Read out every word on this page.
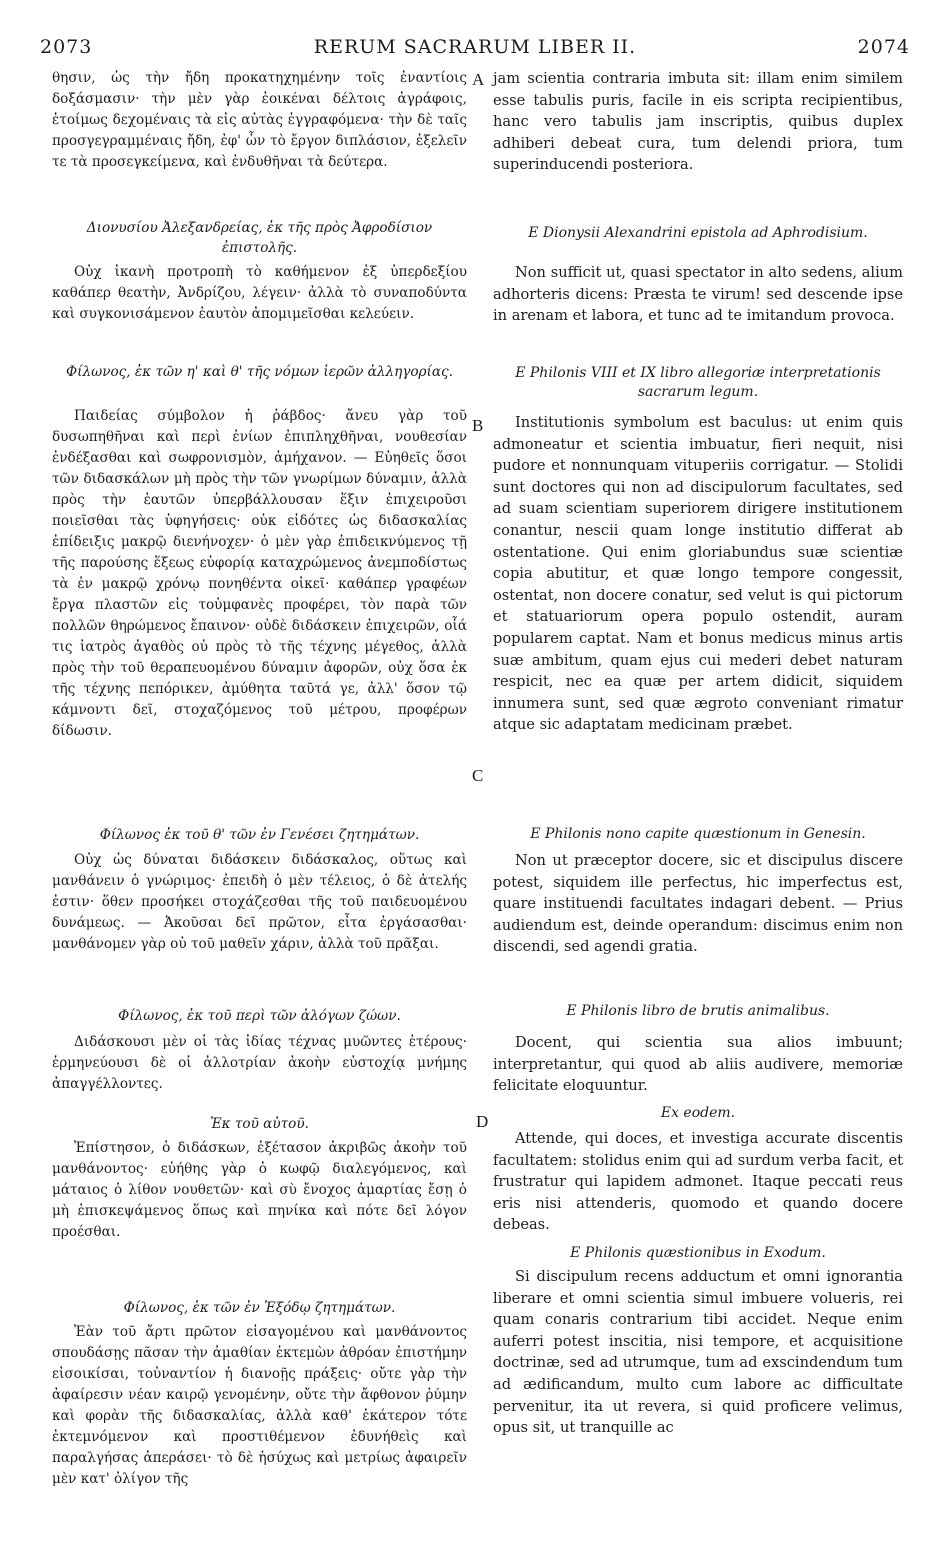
2073	RERUM SACRARUM LIBER II.	2074
A
B
C
D

θησιν, ὡς τὴν ἤδη προκατηχημένην τοῖς ἐναντίοις δοξάσμασιν· τὴν μὲν γὰρ ἐοικέναι δέλτοις ἀγράφοις, ἑτοίμως δεχομέναις τὰ εἰς αὐτὰς ἐγγραφόμενα· τὴν δὲ ταῖς προσγεγραμμέναις ἤδη, ἐφ' ὧν τὸ ἔργον διπλάσιον, ἐξελεῖν τε τὰ προσεγκείμενα, καὶ ἐνδυθῆναι τὰ δεύτερα.

Διονυσίου Ἀλεξανδρείας, ἐκ τῆς πρὸς Ἀφροδίσιον ἐπιστολῆς.

Οὐχ ἱκανὴ προτροπὴ τὸ καθήμενον ἐξ ὑπερδεξίου καθάπερ θεατὴν, Ἀνδρίζου, λέγειν· ἀλλὰ τὸ συναποδύντα καὶ συγκονισάμενον ἑαυτὸν ἀπομιμεῖσθαι κελεύειν.

Φίλωνος, ἐκ τῶν η' καὶ θ' τῆς νόμων ἱερῶν ἀλληγορίας.

Παιδείας σύμβολον ἡ ῥάβδος· ἄνευ γὰρ τοῦ δυσωπηθῆναι καὶ περὶ ἐνίων ἐπιπληχθῆναι, νουθεσίαν ἐνδέξασθαι καὶ σωφρονισμὸν, ἀμήχανον. — Εὐηθεῖς ὅσοι τῶν διδασκάλων μὴ πρὸς τὴν τῶν γνωρίμων δύναμιν, ἀλλὰ πρὸς τὴν ἑαυτῶν ὑπερβάλλουσαν ἕξιν ἐπιχειροῦσι ποιεῖσθαι τὰς ὑφηγήσεις· οὐκ εἰδότες ὡς διδασκαλίας ἐπίδειξις μακρῷ διενήνοχεν· ὁ μὲν γὰρ ἐπιδεικνύμενος τῇ τῆς παρούσης ἕξεως εὐφορίᾳ καταχρώμενος ἀνεμποδίστως τὰ ἐν μακρῷ χρόνῳ πονηθέντα οἰκεῖ· καθάπερ γραφέων ἔργα πλαστῶν εἰς τοὐμφανὲς προφέρει, τὸν παρὰ τῶν πολλῶν θηρώμενος ἔπαινον· οὐδὲ διδάσκειν ἐπιχειρῶν, οἷά τις ἰατρὸς ἀγαθὸς οὐ πρὸς τὸ τῆς τέχνης μέγεθος, ἀλλὰ πρὸς τὴν τοῦ θεραπευομένου δύναμιν ἀφορῶν, οὐχ ὅσα ἐκ τῆς τέχνης πεπόρικεν, ἀμύθητα ταῦτά γε, ἀλλ' ὅσον τῷ κάμνοντι δεῖ, στοχαζόμενος τοῦ μέτρου, προφέρων δίδωσιν.

Φίλωνος ἐκ τοῦ θ' τῶν ἐν Γενέσει ζητημάτων.

Οὐχ ὡς δύναται διδάσκειν διδάσκαλος, οὕτως καὶ μανθάνειν ὁ γνώριμος· ἐπειδὴ ὁ μὲν τέλειος, ὁ δὲ ἀτελής ἐστιν· ὅθεν προσήκει στοχάζεσθαι τῆς τοῦ παιδευομένου δυνάμεως. — Ἀκοῦσαι δεῖ πρῶτον, εἶτα ἐργάσασθαι· μανθάνομεν γὰρ οὐ τοῦ μαθεῖν χάριν, ἀλλὰ τοῦ πρᾶξαι.

Φίλωνος, ἐκ τοῦ περὶ τῶν ἀλόγων ζώων.

Διδάσκουσι μὲν οἱ τὰς ἰδίας τέχνας μυῶντες ἑτέρους· ἑρμηνεύουσι δὲ οἱ ἀλλοτρίαν ἀκοὴν εὐστοχίᾳ μνήμης ἀπαγγέλλοντες.

Ἐκ τοῦ αὐτοῦ.

Ἐπίστησον, ὁ διδάσκων, ἐξέτασον ἀκριβῶς ἀκοὴν τοῦ μανθάνοντος· εὐήθης γὰρ ὁ κωφῷ διαλεγόμενος, καὶ μάταιος ὁ λίθον νουθετῶν· καὶ σὺ ἔνοχος ἁμαρτίας ἔσῃ ὁ μὴ ἐπισκεψάμενος ὅπως καὶ πηνίκα καὶ πότε δεῖ λόγον προέσθαι.

Φίλωνος, ἐκ τῶν ἐν Ἐξόδῳ ζητημάτων.

Ἐὰν τοῦ ἄρτι πρῶτον εἰσαγομένου καὶ μανθάνοντος σπουδάσῃς πᾶσαν τὴν ἀμαθίαν ἐκτεμὼν ἀθρόαν ἐπιστήμην εἰσοικίσαι, τοὐναντίον ἡ διανοῇς πράξεις· οὔτε γὰρ τὴν ἀφαίρεσιν νέαν καιρῷ γενομένην, οὔτε τὴν ἄφθονον ῥύμην καὶ φορὰν τῆς διδασκαλίας, ἀλλὰ καθ' ἑκάτερον τότε ἐκτεμνόμενον καὶ προστιθέμενον ἐδυνήθεὶς καὶ παραλγήσας ἀπεράσει· τὸ δὲ ἡσύχως καὶ μετρίως ἀφαιρεῖν μὲν κατ' ὀλίγον τῆς

jam scientia contraria imbuta sit: illam enim similem esse tabulis puris, facile in eis scripta recipientibus, hanc vero tabulis jam inscriptis, quibus duplex adhiberi debeat cura, tum delendi priora, tum superinducendi posteriora.

E Dionysii Alexandrini epistola ad Aphrodisium.

Non sufficit ut, quasi spectator in alto sedens, alium adhorteris dicens: Præsta te virum! sed descende ipse in arenam et labora, et tunc ad te imitandum provoca.

E Philonis VIII et IX libro allegoriæ interpretationis sacrarum legum.

Institutionis symbolum est baculus: ut enim quis admoneatur et scientia imbuatur, fieri nequit, nisi pudore et nonnunquam vituperiis corrigatur. — Stolidi sunt doctores qui non ad discipulorum facultates, sed ad suam scientiam superiorem dirigere institutionem conantur, nescii quam longe institutio differat ab ostentatione. Qui enim gloriabundus suæ scientiæ copia abutitur, et quæ longo tempore congessit, ostentat, non docere conatur, sed velut is qui pictorum et statuariorum opera populo ostendit, auram popularem captat. Nam et bonus medicus minus artis suæ ambitum, quam ejus cui mederi debet naturam respicit, nec ea quæ per artem didicit, siquidem innumera sunt, sed quæ ægroto conveniant rimatur atque sic adaptatam medicinam præbet.

E Philonis nono capite quæstionum in Genesin.

Non ut præceptor docere, sic et discipulus discere potest, siquidem ille perfectus, hic imperfectus est, quare instituendi facultates indagari debent. — Prius audiendum est, deinde operandum: discimus enim non discendi, sed agendi gratia.

E Philonis libro de brutis animalibus.

Docent, qui scientia sua alios imbuunt; interpretantur, qui quod ab aliis audivere, memoriæ felicitate eloquuntur.

Ex eodem.

Attende, qui doces, et investiga accurate discentis facultatem: stolidus enim qui ad surdum verba facit, et frustratur qui lapidem admonet. Itaque peccati reus eris nisi attenderis, quomodo et quando docere debeas.

E Philonis quæstionibus in Exodum.

Si discipulum recens adductum et omni ignorantia liberare et omni scientia simul imbuere volueris, rei quam conaris contrarium tibi accidet. Neque enim auferri potest inscitia, nisi tempore, et acquisitione doctrinæ, sed ad utrumque, tum ad exscindendum tum ad ædificandum, multo cum labore ac difficultate pervenitur, ita ut revera, si quid proficere velimus, opus sit, ut tranquille ac
